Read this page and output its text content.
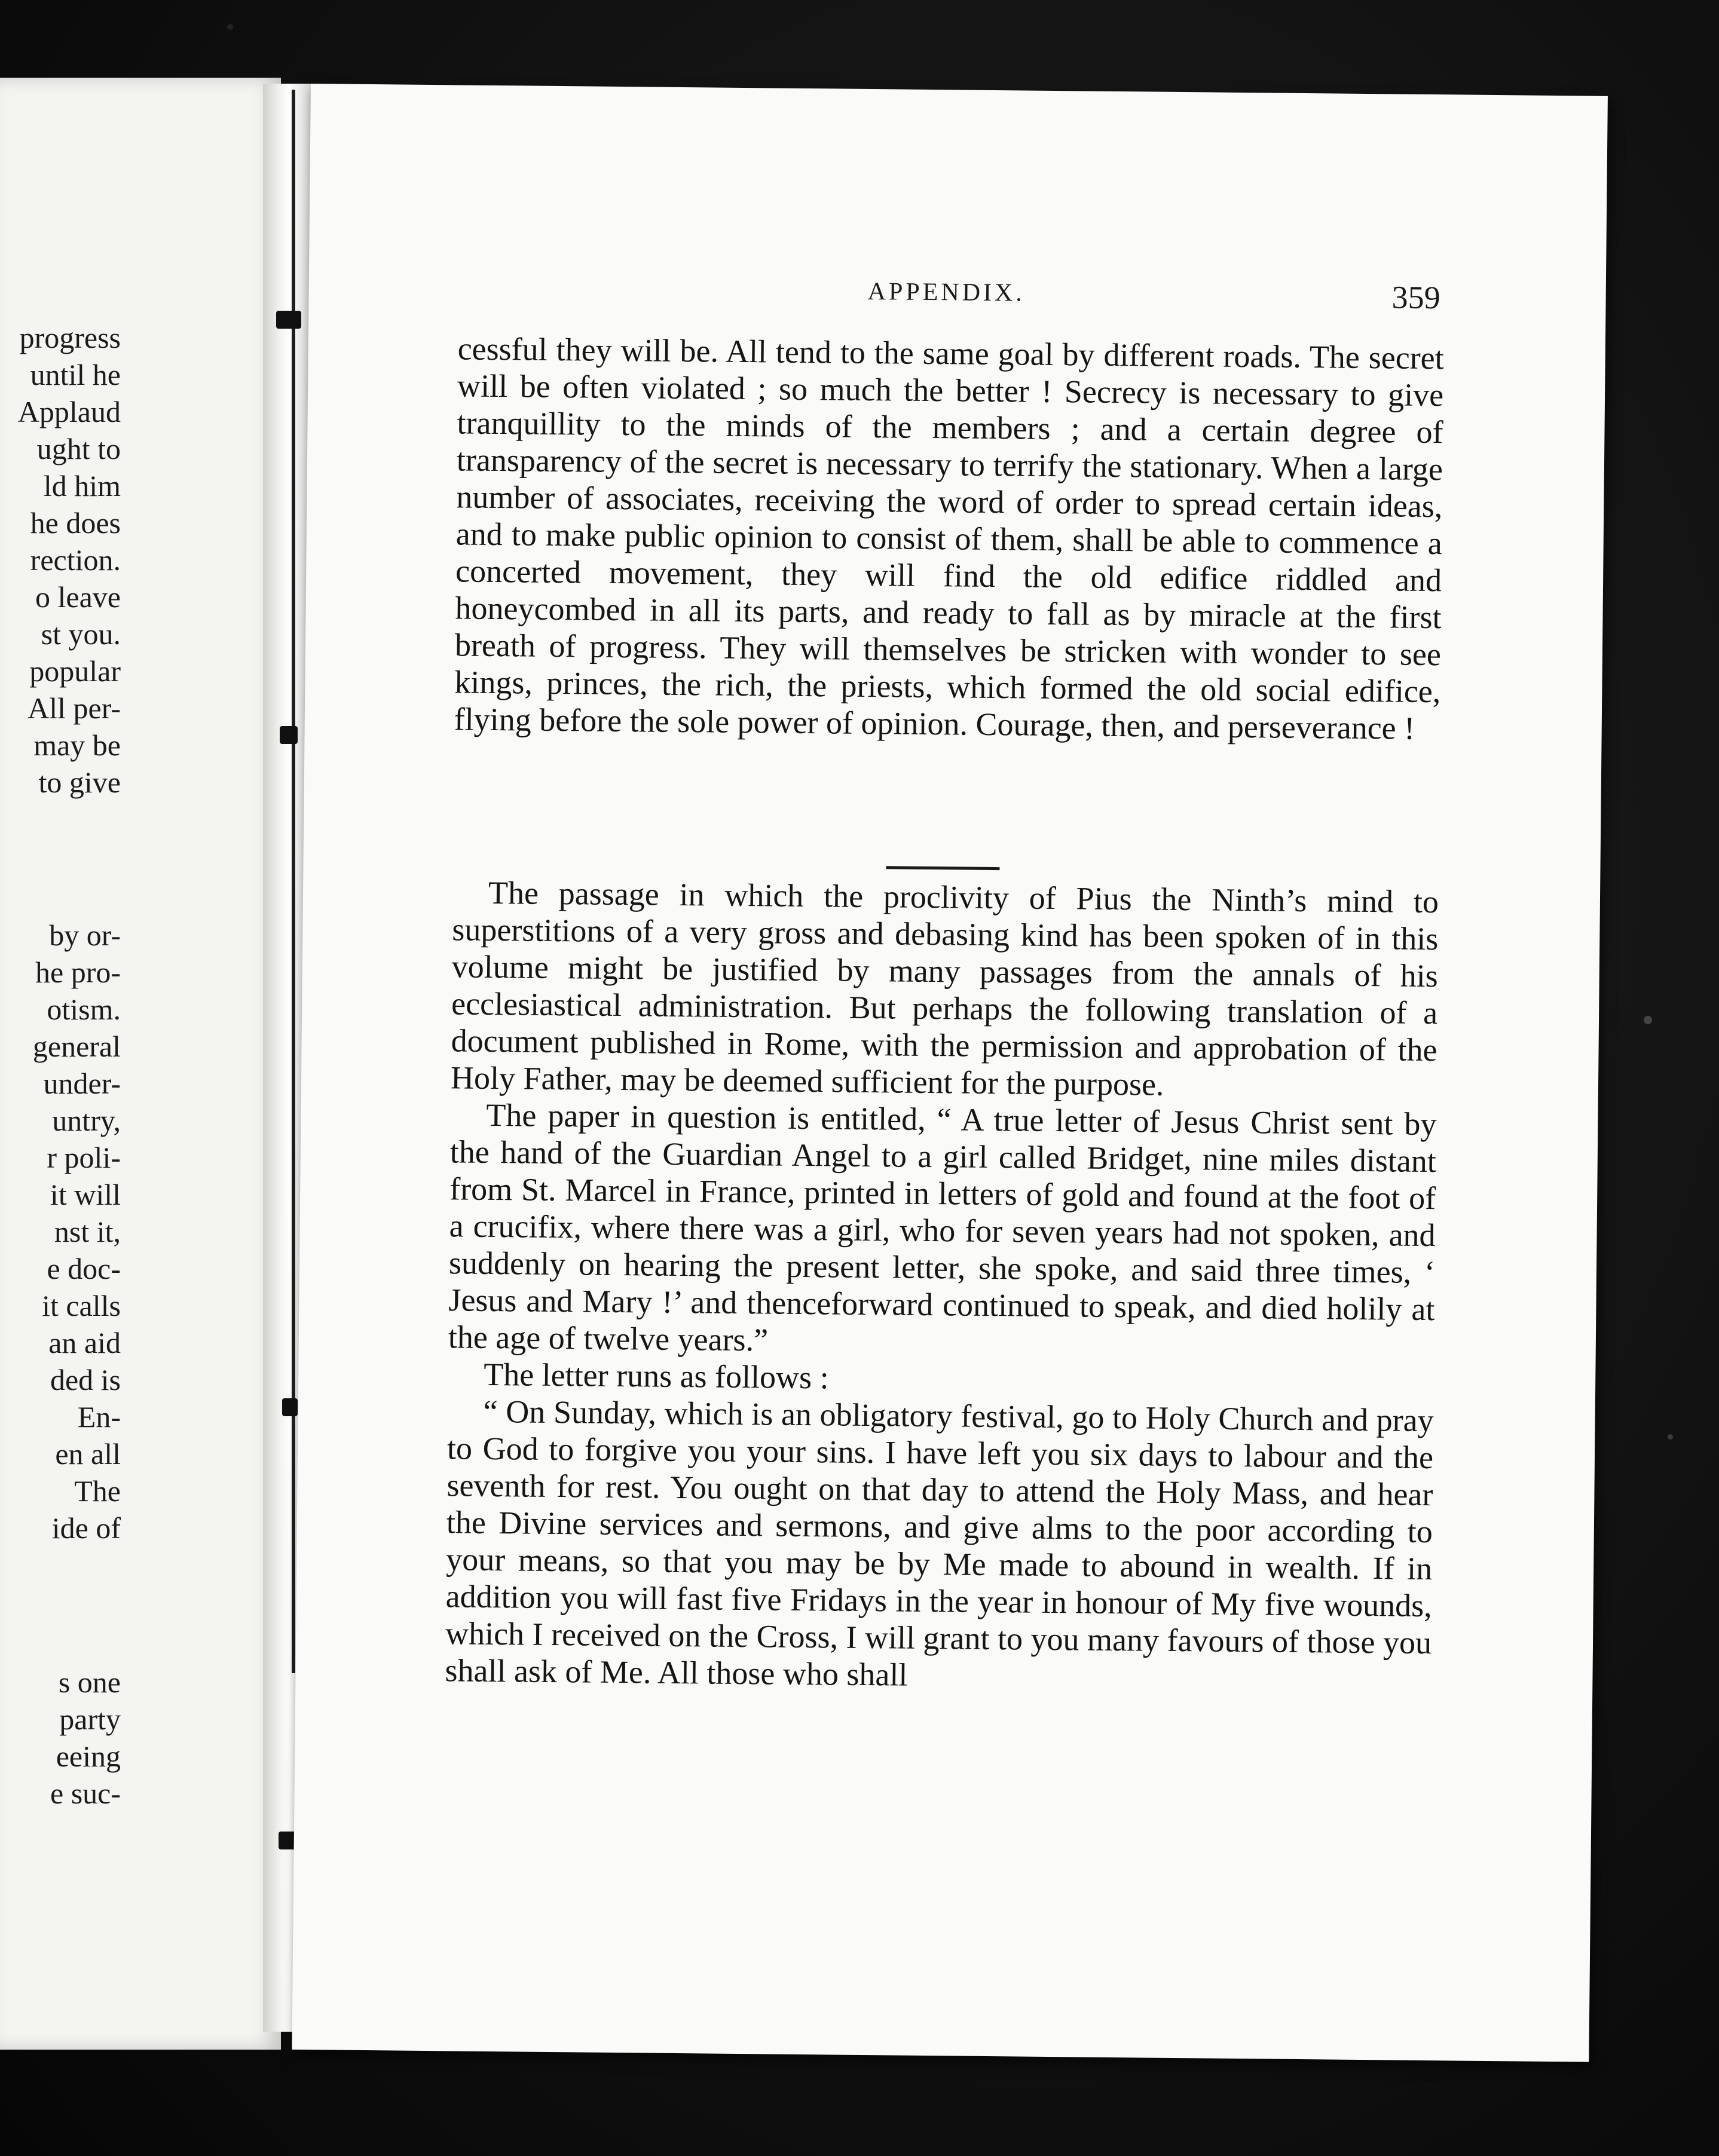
progress
until he
Applaud
ught to
ld him
he does
rection.
o leave
st you.
popular
All per-
may be
to give
by or-
he pro-
otism.
general
under-
untry,
r poli-
it will
nst it,
e doc-
it calls
an aid
ded is
En-
en all
The
ide of
s one
party
eeing
e suc-
APPENDIX.	359

cessful they will be. All tend to the same goal by different roads. The secret will be often violated ; so much the better ! Secrecy is necessary to give tranquillity to the minds of the members ; and a certain degree of transparency of the secret is necessary to terrify the stationary. When a large number of associates, receiving the word of order to spread certain ideas, and to make public opinion to consist of them, shall be able to commence a concerted movement, they will find the old edifice riddled and honeycombed in all its parts, and ready to fall as by miracle at the first breath of progress. They will themselves be stricken with wonder to see kings, princes, the rich, the priests, which formed the old social edifice, flying before the sole power of opinion. Courage, then, and perseverance !

The passage in which the proclivity of Pius the Ninth’s mind to superstitions of a very gross and debasing kind has been spoken of in this volume might be justified by many passages from the annals of his ecclesiastical administration. But perhaps the following translation of a document published in Rome, with the permission and approbation of the Holy Father, may be deemed sufficient for the purpose.

The paper in question is entitled, “ A true letter of Jesus Christ sent by the hand of the Guardian Angel to a girl called Bridget, nine miles distant from St. Marcel in France, printed in letters of gold and found at the foot of a crucifix, where there was a girl, who for seven years had not spoken, and suddenly on hearing the present letter, she spoke, and said three times, ‘ Jesus and Mary !’ and thenceforward continued to speak, and died holily at the age of twelve years.”

The letter runs as follows :

“ On Sunday, which is an obligatory festival, go to Holy Church and pray to God to forgive you your sins. I have left you six days to labour and the seventh for rest. You ought on that day to attend the Holy Mass, and hear the Divine services and sermons, and give alms to the poor according to your means, so that you may be by Me made to abound in wealth. If in addition you will fast five Fridays in the year in honour of My five wounds, which I received on the Cross, I will grant to you many favours of those you shall ask of Me. All those who shall
